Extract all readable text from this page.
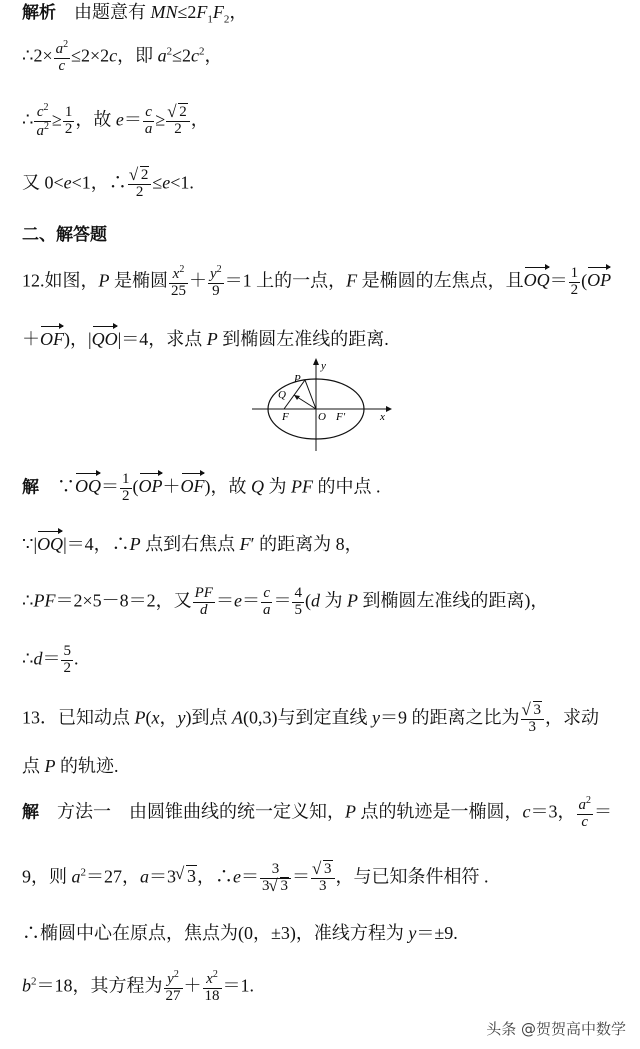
解析　由题意有 $MN\le 2F_1F_2$，
∴2× $\frac{a^2}{c} \le 2\times 2c$，即 $a^2\le 2c^2$，
∴ $\frac{c^2}{a^2} \ge \frac{1}{2}$ ，故 $e= \frac{c}{a}$ ≥ √ $\frac{2}{2}$ ，
又 0<e<1，∴ √ $\frac{2}{2} \le e<1$.
二、解答题
12.如图，P 是椭圆 $\frac{x^2}{25} + \frac{y^2}{9} =1$ 上的一点，F 是椭圆的左焦点，且$OQ= \frac{1}{2} (OP$
＋OF)，|QO|＝4，求点 P 到椭圆左准线的距离.
P
Q
F	O F′	x
y
解　∵OQ＝ $\frac{1}{2} (OP+OF)$，故 Q 为 PF 的中点 .
∵|OQ|＝4，∴P 点到右焦点 F′ 的距离为 8，
∴PF＝2×5－8＝2，又 $\frac{PF}{d} =e= \frac{c}{a} = \frac{4}{5} (d$ 为 P 到椭圆左准线的距离)，
∴d＝ $\frac{5}{2}$ .
13．已知动点 P(x，y)到点 A(0,3)与到定直线 y＝9 的距离之比为 √ $\frac{3}{3}$ ，求动
点 P 的轨迹.
解　方法一　由圆锥曲线的统一定义知，P 点的轨迹是一椭圆，c＝3， $\frac{a^2}{c}$ ＝
9，则 $a^2=27$，a＝3 √ 3，∴e＝ $\frac{3}{3 √ 3}$ ＝ √ $\frac{3}{3}$ ，与已知条件相符 .
∴椭圆中心在原点，焦点为(0，±3)，准线方程为 y＝±9.
$b^2=18$，其方程为 $\frac{y^2}{27} + \frac{x^2}{18} =1$.
头条 @贺贺高中数学
